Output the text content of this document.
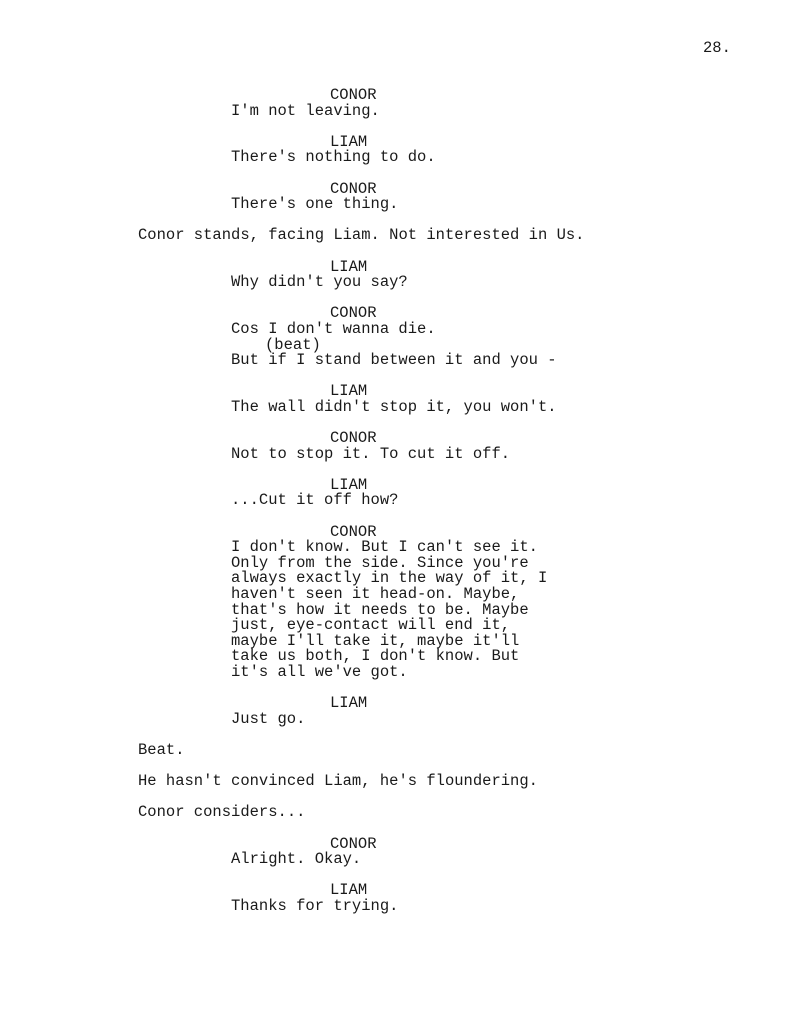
28.
CONOR
I'm not leaving.
LIAM
There's nothing to do.
CONOR
There's one thing.
Conor stands, facing Liam. Not interested in Us.
LIAM
Why didn't you say?
CONOR
Cos I don't wanna die.
(beat)
But if I stand between it and you -
LIAM
The wall didn't stop it, you won't.
CONOR
Not to stop it. To cut it off.
LIAM
...Cut it off how?
CONOR
I don't know. But I can't see it.
Only from the side. Since you're
always exactly in the way of it, I
haven't seen it head-on. Maybe,
that's how it needs to be. Maybe
just, eye-contact will end it,
maybe I'll take it, maybe it'll
take us both, I don't know. But
it's all we've got.
LIAM
Just go.
Beat.
He hasn't convinced Liam, he's floundering.
Conor considers...
CONOR
Alright. Okay.
LIAM
Thanks for trying.
